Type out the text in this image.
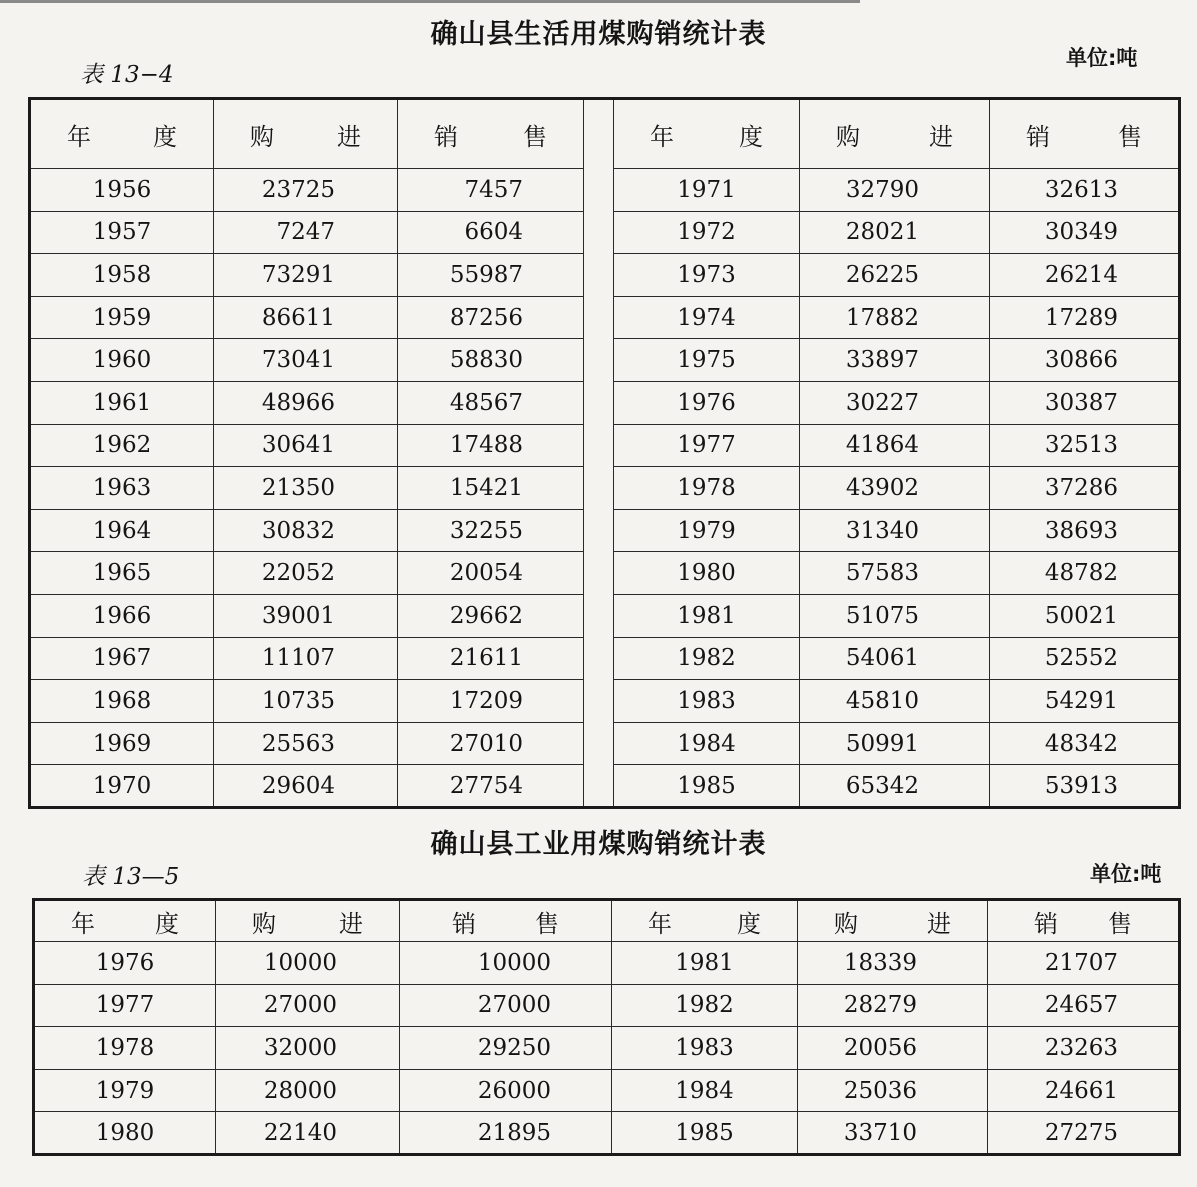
确山县生活用煤购销统计表
表 13−4
单位:吨
年 度	购 进	销 售		年 度	购 进	销 售

1956	23725	7457		1971	32790	32613
1957	7247	6604		1972	28021	30349
1958	73291	55987		1973	26225	26214
1959	86611	87256		1974	17882	17289
1960	73041	58830		1975	33897	30866
1961	48966	48567		1976	30227	30387
1962	30641	17488		1977	41864	32513
1963	21350	15421		1978	43902	37286
1964	30832	32255		1979	31340	38693
1965	22052	20054		1980	57583	48782
1966	39001	29662		1981	51075	50021
1967	11107	21611		1982	54061	52552
1968	10735	17209		1983	45810	54291
1969	25563	27010		1984	50991	48342
1970	29604	27754		1985	65342	53913
确山县工业用煤购销统计表
表 13—5	单位:吨
年 度	购 进	销 售		年 度	购 进	销 售

1976	10000	10000		1981	18339	21707
1977	27000	27000		1982	28279	24657
1978	32000	29250		1983	20056	23263
1979	28000	26000		1984	25036	24661
1980	22140	21895		1985	33710	27275
